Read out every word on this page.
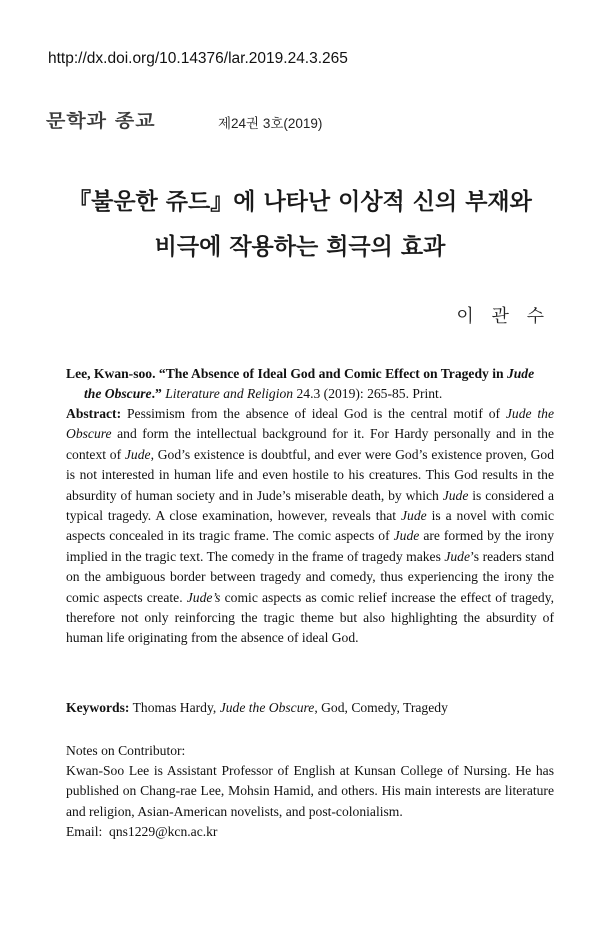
http://dx.doi.org/10.14376/lar.2019.24.3.265
문학과 종교	제24권 3호(2019)
『불운한 쥬드』에 나타난 이상적 신의 부재와
비극에 작용하는 희극의 효과
이 관 수
Lee, Kwan-soo. “The Absence of Ideal God and Comic Effect on Tragedy in Jude
the Obscure.” Literature and Religion 24.3 (2019): 265-85. Print.
Abstract: Pessimism from the absence of ideal God is the central motif of Jude the Obscure and form the intellectual background for it. For Hardy personally and in the context of Jude, God’s existence is doubtful, and ever were God’s existence proven, God is not interested in human life and even hostile to his creatures. This God results in the absurdity of human society and in Jude’s miserable death, by which Jude is considered a typical tragedy. A close examination, however, reveals that Jude is a novel with comic aspects concealed in its tragic frame. The comic aspects of Jude are formed by the irony implied in the tragic text. The comedy in the frame of tragedy makes Jude’s readers stand on the ambiguous border between tragedy and comedy, thus experiencing the irony the comic aspects create. Jude’s comic aspects as comic relief increase the effect of tragedy, therefore not only reinforcing the tragic theme but also highlighting the absurdity of human life originating from the absence of ideal God.
Keywords: Thomas Hardy, Jude the Obscure, God, Comedy, Tragedy
Notes on Contributor:
Kwan-Soo Lee is Assistant Professor of English at Kunsan College of Nursing. He has published on Chang-rae Lee, Mohsin Hamid, and others. His main interests are literature and religion, Asian-American novelists, and post-colonialism.
Email: qns1229@kcn.ac.kr
